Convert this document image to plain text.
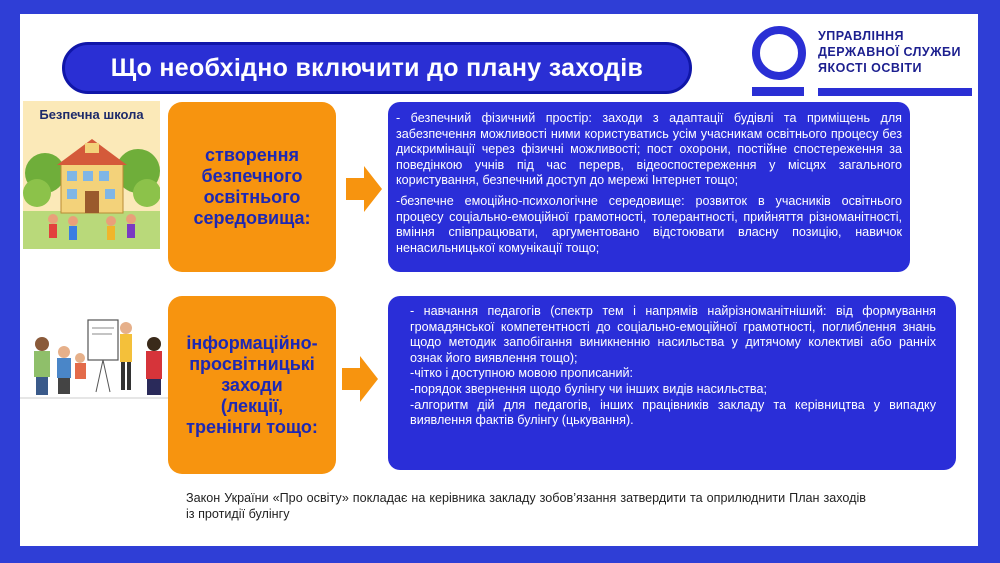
Що необхідно включити до плану заходів
УПРАВЛІННЯ
ДЕРЖАВНОЇ СЛУЖБИ
ЯКОСТІ ОСВІТИ
Безпечна школа
створення
безпечного
освітнього
середовища:
інформаційно-
просвітницькі
заходи
(лекції,
тренінги тощо:

- безпечний фізичний простір: заходи з адаптації будівлі та приміщень для забезпечення можливості ними користуватись усім учасникам освітнього процесу без дискримінації через фізичні можливості; пост охорони, постійне спостереження за поведінкою учнів під час перерв, відеоспостереження у місцях загального користування, безпечний доступ до мережі Інтернет тощо;

-безпечне емоційно-психологічне середовище: розвиток в учасників освітнього процесу соціально-емоційної грамотності, толерантності, прийняття різноманітності, вміння співпрацювати, аргументовано відстоювати власну позицію, навичок ненасильницької комунікації тощо;

- навчання педагогів (спектр тем і напрямів найрізноманітніший: від формування громадянської компетентності до соціально-емоційної грамотності, поглиблення знань щодо методик запобігання виникненню насильства у дитячому колективі або ранніх ознак його виявлення тощо);

-чітко і доступною мовою прописаний:

-порядок звернення щодо булінгу чи інших видів насильства;

-алгоритм дій для педагогів, інших працівників закладу та керівництва у випадку виявлення фактів булінгу (цькування).

Закон України «Про освіту» покладає на керівника закладу зобов’язання затвердити та оприлюднити План заходів із протидії булінгу
